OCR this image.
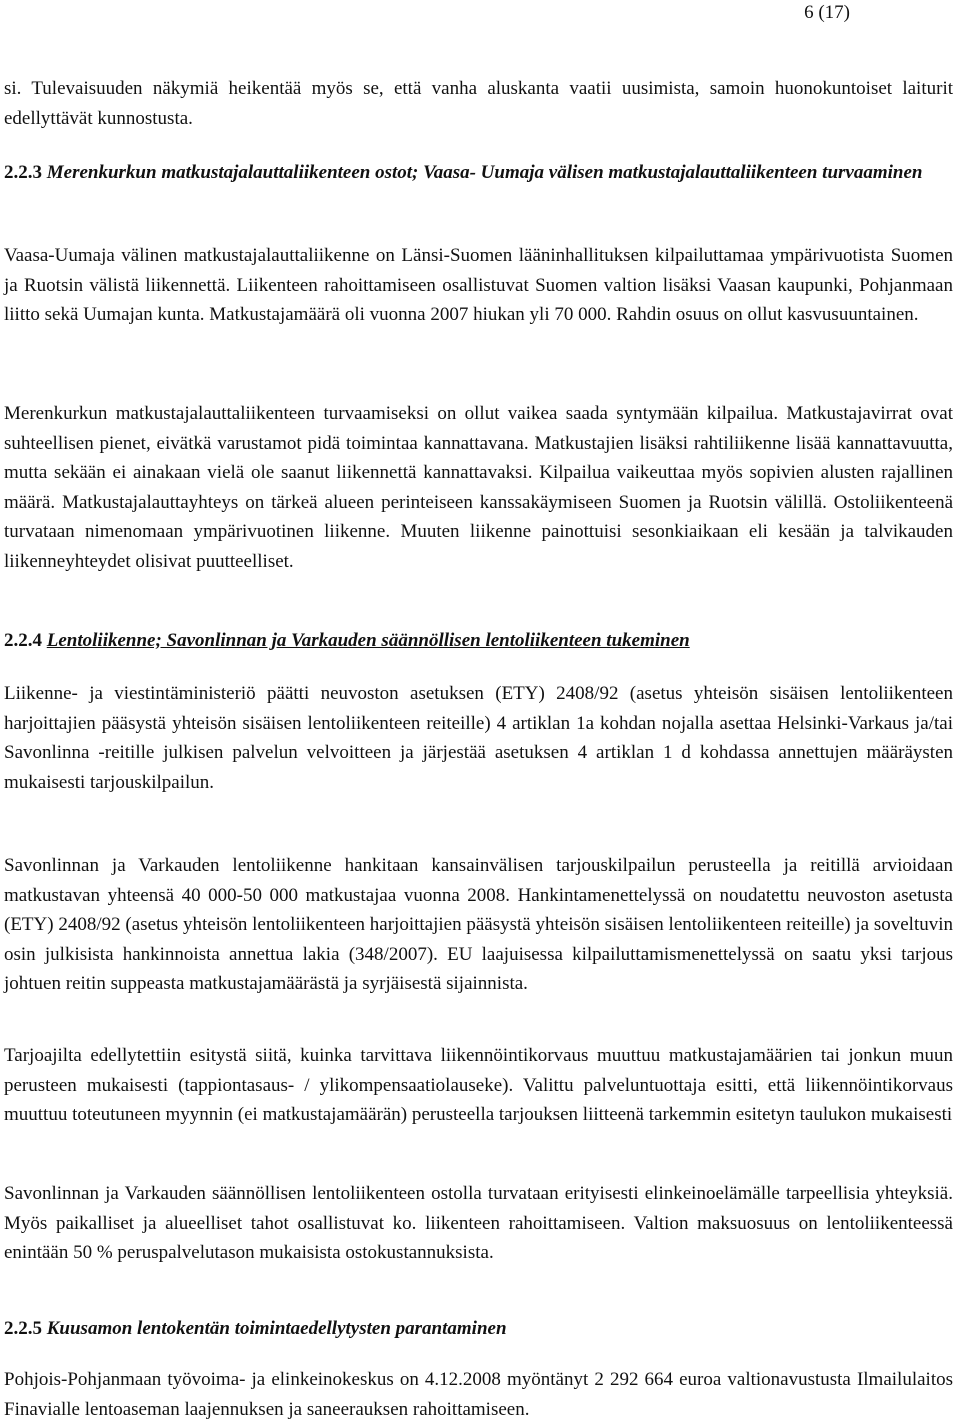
6 (17)
si. Tulevaisuuden näkymiä heikentää myös se, että vanha aluskanta vaatii uusimista, samoin huonokuntoiset laiturit edellyttävät kunnostusta.
2.2.3 Merenkurkun matkustajalauttaliikenteen ostot; Vaasa- Uumaja välisen matkustajalauttaliikenteen turvaaminen
Vaasa-Uumaja välinen matkustajalauttaliikenne on Länsi-Suomen lääninhallituksen kilpailuttamaa ympärivuotista Suomen ja Ruotsin välistä liikennettä. Liikenteen rahoittamiseen osallistuvat Suomen valtion lisäksi Vaasan kaupunki, Pohjanmaan liitto sekä Uumajan kunta. Matkustajamäärä oli vuonna 2007 hiukan yli 70 000. Rahdin osuus on ollut kasvusuuntainen.
Merenkurkun matkustajalauttaliikenteen turvaamiseksi on ollut vaikea saada syntymään kilpailua. Matkustajavirrat ovat suhteellisen pienet, eivätkä varustamot pidä toimintaa kannattavana. Matkustajien lisäksi rahtiliikenne lisää kannattavuutta, mutta sekään ei ainakaan vielä ole saanut liikennettä kannattavaksi. Kilpailua vaikeuttaa myös sopivien alusten rajallinen määrä. Matkustajalauttayhteys on tärkeä alueen perinteiseen kanssakäymiseen Suomen ja Ruotsin välillä. Ostoliikenteenä turvataan nimenomaan ympärivuotinen liikenne. Muuten liikenne painottuisi sesonkiaikaan eli kesään ja talvikauden liikenneyhteydet olisivat puutteelliset.
2.2.4 Lentoliikenne; Savonlinnan ja Varkauden säännöllisen lentoliikenteen tukeminen
Liikenne- ja viestintäministeriö päätti neuvoston asetuksen (ETY) 2408/92 (asetus yhteisön sisäisen lentoliikenteen harjoittajien pääsystä yhteisön sisäisen lentoliikenteen reiteille) 4 artiklan 1a kohdan nojalla asettaa Helsinki-Varkaus ja/tai Savonlinna -reitille julkisen palvelun velvoitteen ja järjestää asetuksen 4 artiklan 1 d kohdassa annettujen määräysten mukaisesti tarjouskilpailun.
Savonlinnan ja Varkauden lentoliikenne hankitaan kansainvälisen tarjouskilpailun perusteella ja reitillä arvioidaan matkustavan yhteensä 40 000-50 000 matkustajaa vuonna 2008. Hankintamenettelyssä on noudatettu neuvoston asetusta (ETY) 2408/92 (asetus yhteisön lentoliikenteen harjoittajien pääsystä yhteisön sisäisen lentoliikenteen reiteille) ja soveltuvin osin julkisista hankinnoista annettua lakia (348/2007). EU laajuisessa kilpailuttamismenettelyssä on saatu yksi tarjous johtuen reitin suppeasta matkustajamäärästä ja syrjäisestä sijainnista.
Tarjoajilta edellytettiin esitystä siitä, kuinka tarvittava liikennöintikorvaus muuttuu matkustajamäärien tai jonkun muun perusteen mukaisesti (tappiontasaus- / ylikompensaatiolauseke). Valittu palveluntuottaja esitti, että liikennöintikorvaus muuttuu toteutuneen myynnin (ei matkustajamäärän) perusteella tarjouksen liitteenä tarkemmin esitetyn taulukon mukaisesti
Savonlinnan ja Varkauden säännöllisen lentoliikenteen ostolla turvataan erityisesti elinkeinoelämälle tarpeellisia yhteyksiä. Myös paikalliset ja alueelliset tahot osallistuvat ko. liikenteen rahoittamiseen. Valtion maksuosuus on lentoliikenteessä enintään 50 % peruspalvelutason mukaisista ostokustannuksista.
2.2.5 Kuusamon lentokentän toimintaedellytysten parantaminen
Pohjois-Pohjanmaan työvoima- ja elinkeinokeskus on 4.12.2008 myöntänyt 2 292 664 euroa valtionavustusta Ilmailulaitos Finavialle lentoaseman laajennuksen ja saneerauksen rahoittamiseen.
